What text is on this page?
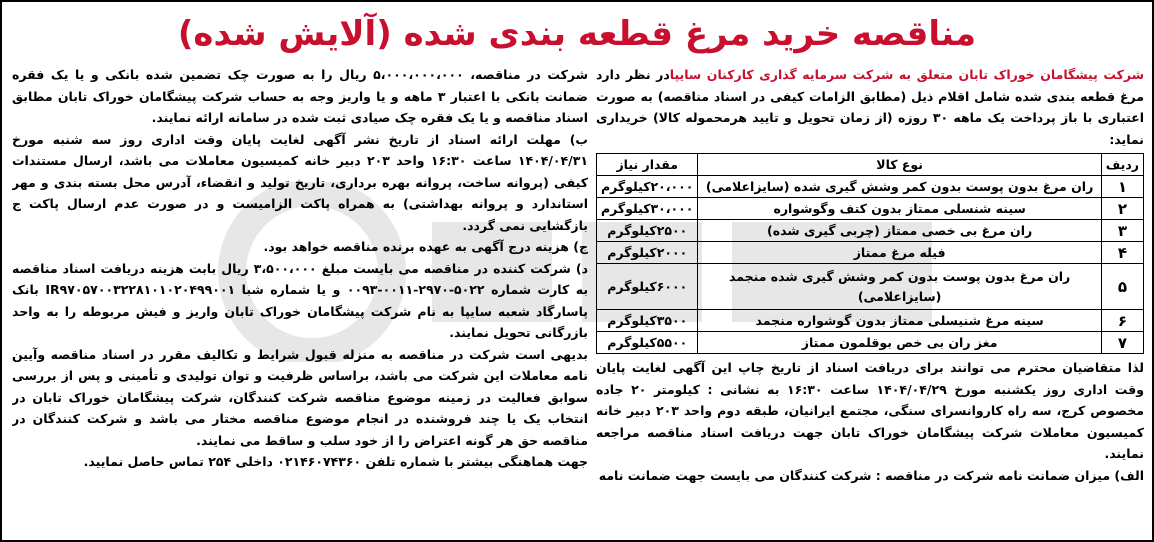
مناقصه خرید مرغ قطعه بندی شده (آلایش شده)

شرکت پیشگامان خوراک تابان متعلق به شرکت سرمایه گذاری کارکنان سایپادر نظر دارد مرغ قطعه بندی شده شامل اقلام ذیل (مطابق الزامات کیفی در اسناد مناقصه) به صورت اعتباری با باز پرداخت یک ماهه ۳۰ روزه (از زمان تحویل و تایید هرمحموله کالا) خریداری نماید:

ردیف	نوع کالا	مقدار نیاز
۱	ران مرغ بدون پوست بدون کمر وشش گیری شده (سایزاعلامی)	۲۰،۰۰۰کیلوگرم
۲	سینه شنسلی ممتاز بدون کتف وگوشواره	۳۰،۰۰۰کیلوگرم
۳	ران مرغ بی خصی ممتاز (چربی گیری شده)	۲۵۰۰کیلوگرم
۴	فیله مرغ ممتاز	۲۰۰۰کیلوگرم
۵	ران مرغ بدون پوست بدون کمر وشش گیری شده منجمد (سایزاعلامی)	۶۰۰۰کیلوگرم
۶	سینه مرغ شنیسلی ممتاز بدون گوشواره منجمد	۳۵۰۰کیلوگرم
۷	مغز ران بی خص بوقلمون ممتاز	۵۵۰۰کیلوگرم

لذا متقاضیان محترم می توانند برای دریافت اسناد از تاریخ چاپ این آگهی لغایت پایان وقت اداری روز یکشنبه مورخ ۱۴۰۴/۰۴/۲۹ ساعت ۱۶:۳۰ به نشانی : کیلومتر ۲۰ جاده مخصوص کرج، سه راه کاروانسرای سنگی، مجتمع ایرانیان، طبقه دوم واحد ۲۰۳ دبیر خانه کمیسیون معاملات شرکت پیشگامان خوراک تابان جهت دریافت اسناد مناقصه مراجعه نمایند.

الف) میزان ضمانت نامه شرکت در مناقصه : شرکت کنندگان می بایست جهت ضمانت نامه

شرکت در مناقصه، ۵،۰۰۰،۰۰۰،۰۰۰ ریال را به صورت چک تضمین شده بانکی و یا یک فقره ضمانت بانکی با اعتبار ۳ ماهه و یا واریز وجه به حساب شرکت پیشگامان خوراک تابان مطابق اسناد مناقصه و یا یک فقره چک صیادی ثبت شده در سامانه ارائه نمایند.

ب) مهلت ارائه اسناد از تاریخ نشر آگهی لغایت پایان وقت اداری روز سه شنبه مورخ ۱۴۰۴/۰۴/۳۱ ساعت ۱۶:۳۰ واحد ۲۰۳ دبیر خانه کمیسیون معاملات می باشد، ارسال مستندات کیفی (پروانه ساخت، پروانه بهره برداری، تاریخ تولید و انقضاء، آدرس محل بسته بندی و مهر استاندارد و پروانه بهداشتی) به همراه پاکت الزامیست و در صورت عدم ارسال پاکت ج بازگشایی نمی گردد.

ج) هزینه درج آگهی به عهده برنده مناقصه خواهد بود.

د) شرکت کننده در مناقصه می بایست مبلغ ۳،۵۰۰،۰۰۰ ریال بابت هزینه دریافت اسناد مناقصه به کارت شماره ۵۰۲۲-۲۹۷۰-۰۰۱۱-۰۰۹۳ و یا شماره شبا IR۹۷۰۵۷۰۰۳۲۲۸۱۰۱۰۲۰۴۹۹۰۰۱ بانک پاسارگاد شعبه سایپا به نام شرکت پیشگامان خوراک تابان واریز و فیش مربوطه را به واحد بازرگانی تحویل نمایند.

بدیهی است شرکت در مناقصه به منزله قبول شرایط و تکالیف مقرر در اسناد مناقصه وآیین نامه معاملات این شرکت می باشد، براساس ظرفیت و توان تولیدی و تأمینی و پس از بررسی سوابق فعالیت در زمینه موضوع مناقصه شرکت کنندگان، شرکت پیشگامان خوراک تابان در انتخاب یک یا چند فروشنده در انجام موضوع مناقصه مختار می باشد و شرکت کنندگان در مناقصه حق هر گونه اعتراض را از خود سلب و ساقط می نمایند.

جهت هماهنگی بیشتر با شماره تلفن ۰۲۱۴۶۰۷۴۳۶۰ داخلی ۲۵۴ تماس حاصل نمایید.
